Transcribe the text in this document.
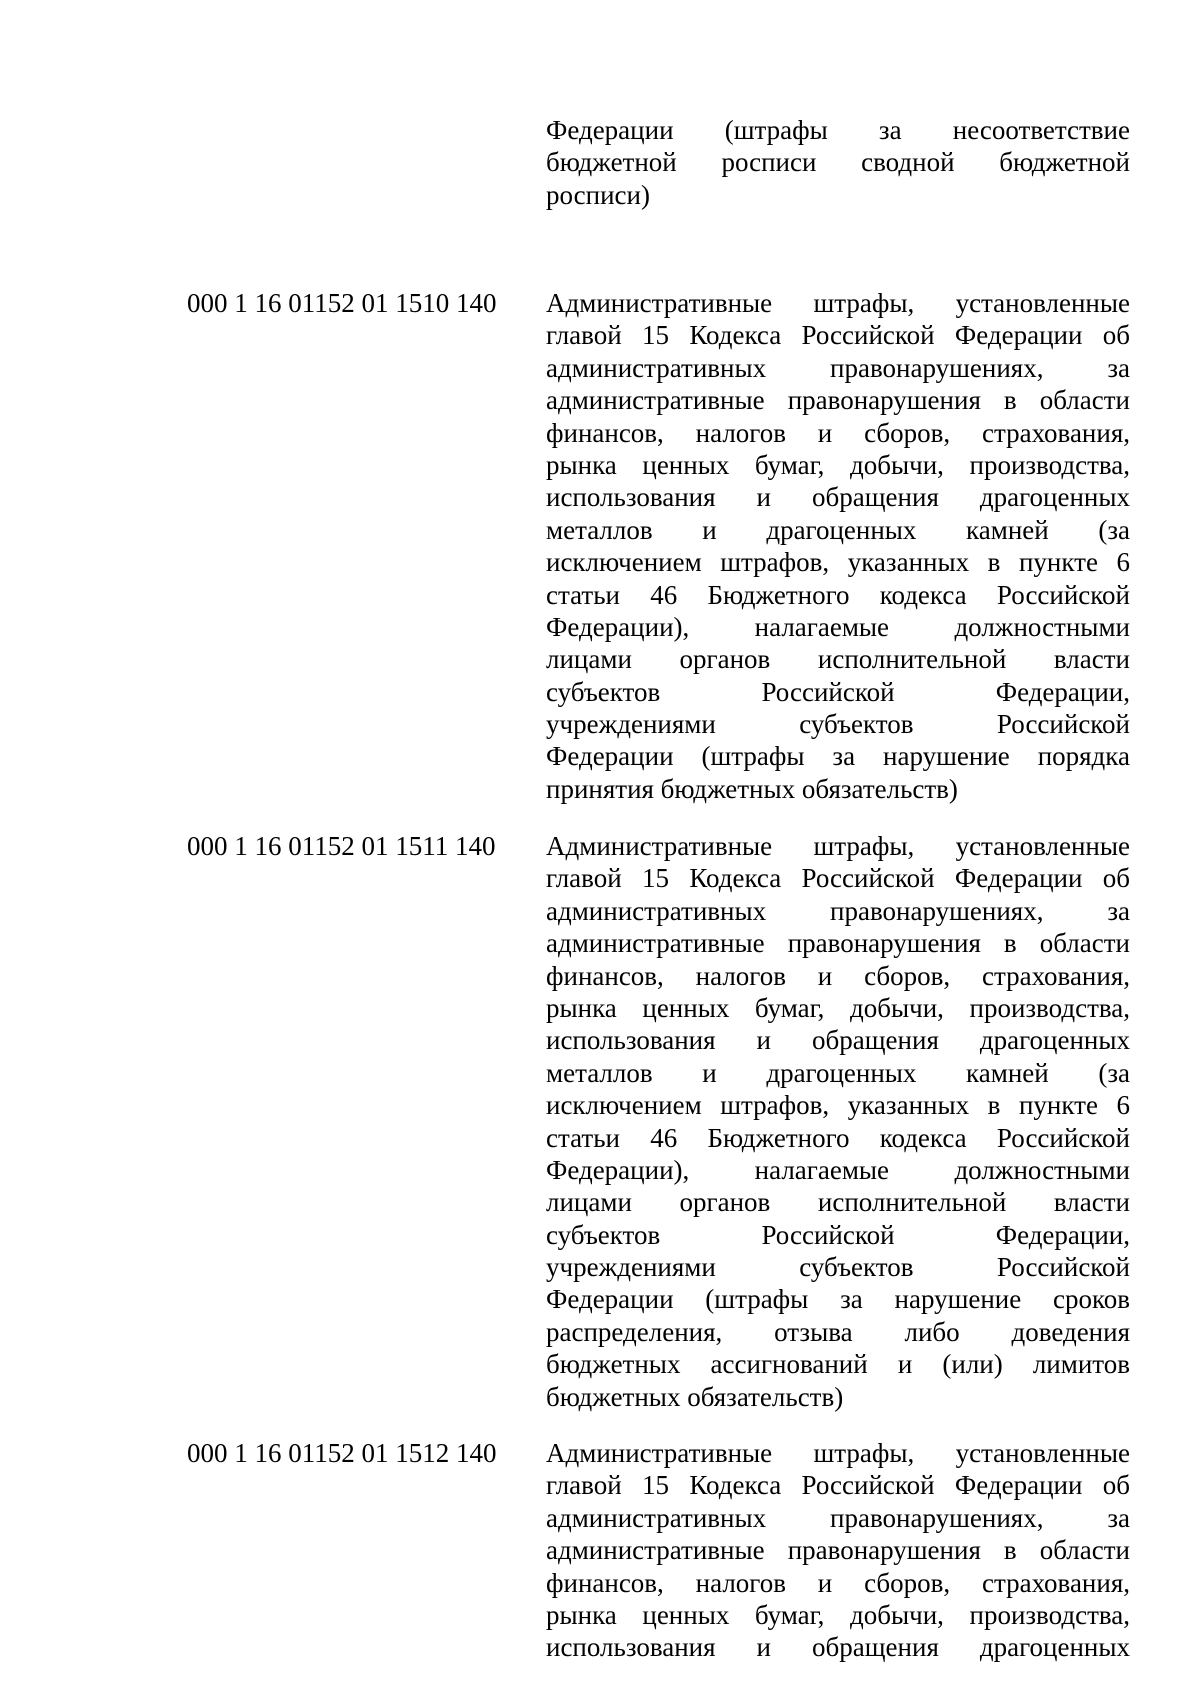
Федерации (штрафы за несоответствие
бюджетной росписи сводной бюджетной
росписи)
000 1 16 01152 01 1510 140	Административные штрафы, установленные
главой 15 Кодекса Российской Федерации об
административных правонарушениях, за
административные правонарушения в области
финансов, налогов и сборов, страхования,
рынка ценных бумаг, добычи, производства,
использования и обращения драгоценных
металлов и драгоценных камней (за
исключением штрафов, указанных в пункте 6
статьи 46 Бюджетного кодекса Российской
Федерации), налагаемые должностными
лицами органов исполнительной власти
субъектов Российской Федерации,
учреждениями субъектов Российской
Федерации (штрафы за нарушение порядка
принятия бюджетных обязательств)
000 1 16 01152 01 1511 140	Административные штрафы, установленные
главой 15 Кодекса Российской Федерации об
административных правонарушениях, за
административные правонарушения в области
финансов, налогов и сборов, страхования,
рынка ценных бумаг, добычи, производства,
использования и обращения драгоценных
металлов и драгоценных камней (за
исключением штрафов, указанных в пункте 6
статьи 46 Бюджетного кодекса Российской
Федерации), налагаемые должностными
лицами органов исполнительной власти
субъектов Российской Федерации,
учреждениями субъектов Российской
Федерации (штрафы за нарушение сроков
распределения, отзыва либо доведения
бюджетных ассигнований и (или) лимитов
бюджетных обязательств)
000 1 16 01152 01 1512 140	Административные штрафы, установленные
главой 15 Кодекса Российской Федерации об
административных правонарушениях, за
административные правонарушения в области
финансов, налогов и сборов, страхования,
рынка ценных бумаг, добычи, производства,
использования и обращения драгоценных
